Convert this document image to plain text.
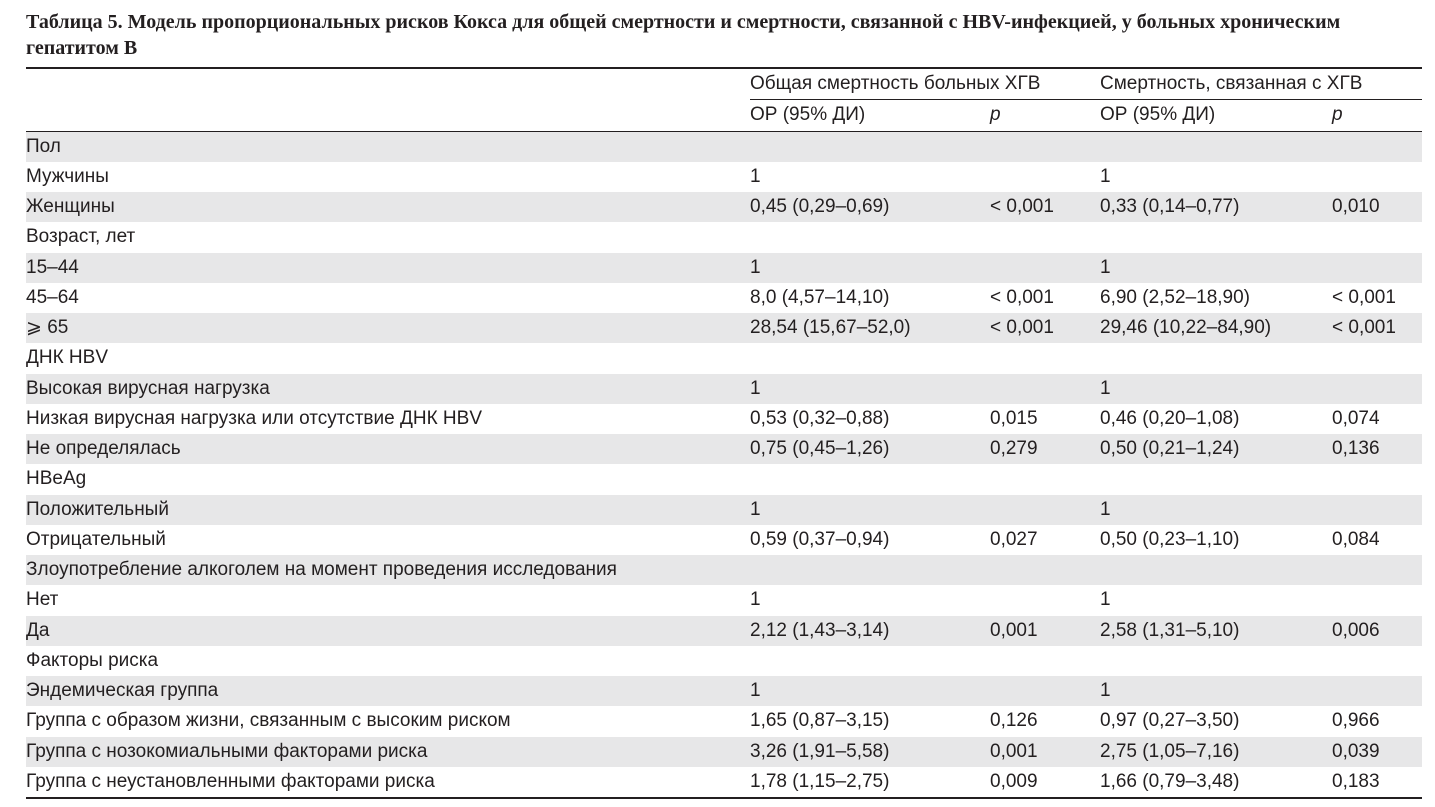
Таблица 5. Модель пропорциональных рисков Кокса для общей смертности и смертности, связанной с HBV-инфекцией, у больных хроническим гепатитом В
	Общая смертность больных ХГВ		Смертность, связанная с ХГВ	
	ОР (95% ДИ)	p	ОР (95% ДИ)	p
Пол				
Мужчины	1		1	
Женщины	0,45 (0,29–0,69)	< 0,001	0,33 (0,14–0,77)	0,010
Возраст, лет				
15–44	1		1	
45–64	8,0 (4,57–14,10)	< 0,001	6,90 (2,52–18,90)	< 0,001
⩾ 65	28,54 (15,67–52,0)	< 0,001	29,46 (10,22–84,90)	< 0,001
ДНК HBV				
Высокая вирусная нагрузка	1		1	
Низкая вирусная нагрузка или отсутствие ДНК HBV	0,53 (0,32–0,88)	0,015	0,46 (0,20–1,08)	0,074
Не определялась	0,75 (0,45–1,26)	0,279	0,50 (0,21–1,24)	0,136
HBeAg				
Положительный	1		1	
Отрицательный	0,59 (0,37–0,94)	0,027	0,50 (0,23–1,10)	0,084
Злоупотребление алкоголем на момент проведения исследования				
Нет	1		1	
Да	2,12 (1,43–3,14)	0,001	2,58 (1,31–5,10)	0,006
Факторы риска				
Эндемическая группа	1		1	
Группа с образом жизни, связанным с высоким риском	1,65 (0,87–3,15)	0,126	0,97 (0,27–3,50)	0,966
Группа с нозокомиальными факторами риска	3,26 (1,91–5,58)	0,001	2,75 (1,05–7,16)	0,039
Группа с неустановленными факторами риска	1,78 (1,15–2,75)	0,009	1,66 (0,79–3,48)	0,183
